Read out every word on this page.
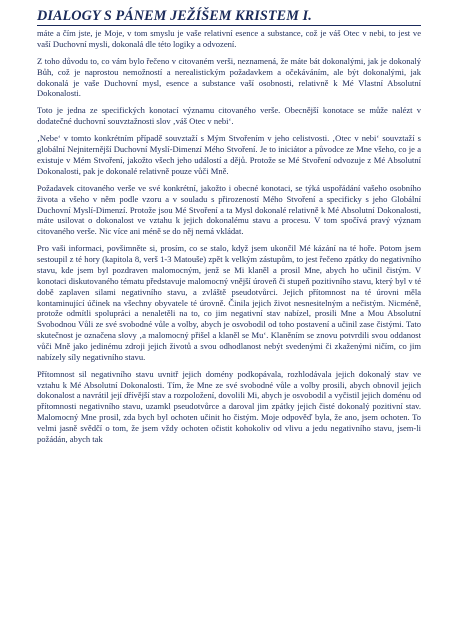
DIALOGY S PÁNEM JEŽÍŠEM KRISTEM I.

máte a čím jste, je Moje, v tom smyslu je vaše relativní esence a substance, což je váš Otec v nebi, to jest ve vaší Duchovní mysli, dokonalá dle této logiky a odvození.

Z toho důvodu to, co vám bylo řečeno v citovaném verši, neznamená, že máte bát dokonalými, jak je dokonalý Bůh, což je naprostou nemožností a nerealistickým požadavkem a očekáváním, ale být dokonalými, jak dokonalá je vaše Duchovní mysl, esence a substance vaší osobnosti, relativně k Mé Vlastní Absolutní Dokonalosti.

Toto je jedna ze specifických konotací významu citovaného verše. Obecnější konotace se může nalézt v dodatečné duchovní souvztažnosti slov ‚váš Otec v nebi‘.

‚Nebe‘ v tomto konkrétním případě souvztaží s Mým Stvořením v jeho celistvosti. ‚Otec v nebi‘ souvztaží s globální Nejniternější Duchovní Myslí-Dimenzí Mého Stvoření. Je to iniciátor a původce ze Mne všeho, co je a existuje v Mém Stvoření, jakožto všech jeho událostí a dějů. Protože se Mé Stvoření odvozuje z Mé Absolutní Dokonalosti, pak je dokonalé relativně pouze vůči Mně.

Požadavek citovaného verše ve své konkrétní, jakožto i obecné konotaci, se týká uspořádání vašeho osobního života a všeho v něm podle vzoru a v souladu s přirozeností Mého Stvoření a specificky s jeho Globální Duchovní Myslí-Dimenzí. Protože jsou Mé Stvoření a ta Mysl dokonalé relativně k Mé Absolutní Dokonalosti, máte usilovat o dokonalost ve vztahu k jejich dokonalému stavu a procesu. V tom spočívá pravý význam citovaného verše. Nic více ani méně se do něj nemá vkládat.

Pro vaši informaci, povšimněte si, prosím, co se stalo, když jsem ukončil Mé kázání na té hoře. Potom jsem sestoupil z té hory (kapitola 8, verš 1-3 Matouše) zpět k velkým zástupům, to jest řečeno zpátky do negativního stavu, kde jsem byl pozdraven malomocným, jenž se Mi klaněl a prosil Mne, abych ho učinil čistým. V konotaci diskutovaného tématu představuje malomocný vnější úroveň či stupeň pozitivního stavu, který byl v té době zaplaven silami negativního stavu, a zvláště pseudotvůrci. Jejich přítomnost na té úrovni měla kontaminující účinek na všechny obyvatele té úrovně. Činila jejich život nesnesitelným a nečistým. Nicméně, protože odmítli spolupráci a nenaletěli na to, co jim negativní stav nabízel, prosili Mne a Mou Absolutní Svobodnou Vůli ze své svobodné vůle a volby, abych je osvobodil od toho postavení a učinil zase čistými. Tato skutečnost je označena slovy ‚a malomocný přišel a klaněl se Mu‘. Klaněním se znovu potvrdili svou oddanost vůči Mně jako jedinému zdroji jejich životů a svou odhodlanost nebýt svedenými či zkaženými ničím, co jim nabízely síly negativního stavu.

Přítomnost sil negativního stavu uvnitř jejich domény podkopávala, rozhlodávala jejich dokonalý stav ve vztahu k Mé Absolutní Dokonalosti. Tím, že Mne ze své svobodné vůle a volby prosili, abych obnovil jejich dokonalost a navrátil její dřívější stav a rozpoložení, dovolili Mi, abych je osvobodil a vyčistil jejich doménu od přítomnosti negativního stavu, uzamkl pseudotvůrce a daroval jim zpátky jejich čisté dokonalý pozitivní stav. Malomocný Mne prosil, zda bych byl ochoten učinit ho čistým. Moje odpověď byla, že ano, jsem ochoten. To velmi jasně svědčí o tom, že jsem vždy ochoten očistit kohokoliv od vlivu a jedu negativního stavu, jsem-li požádán, abych tak
